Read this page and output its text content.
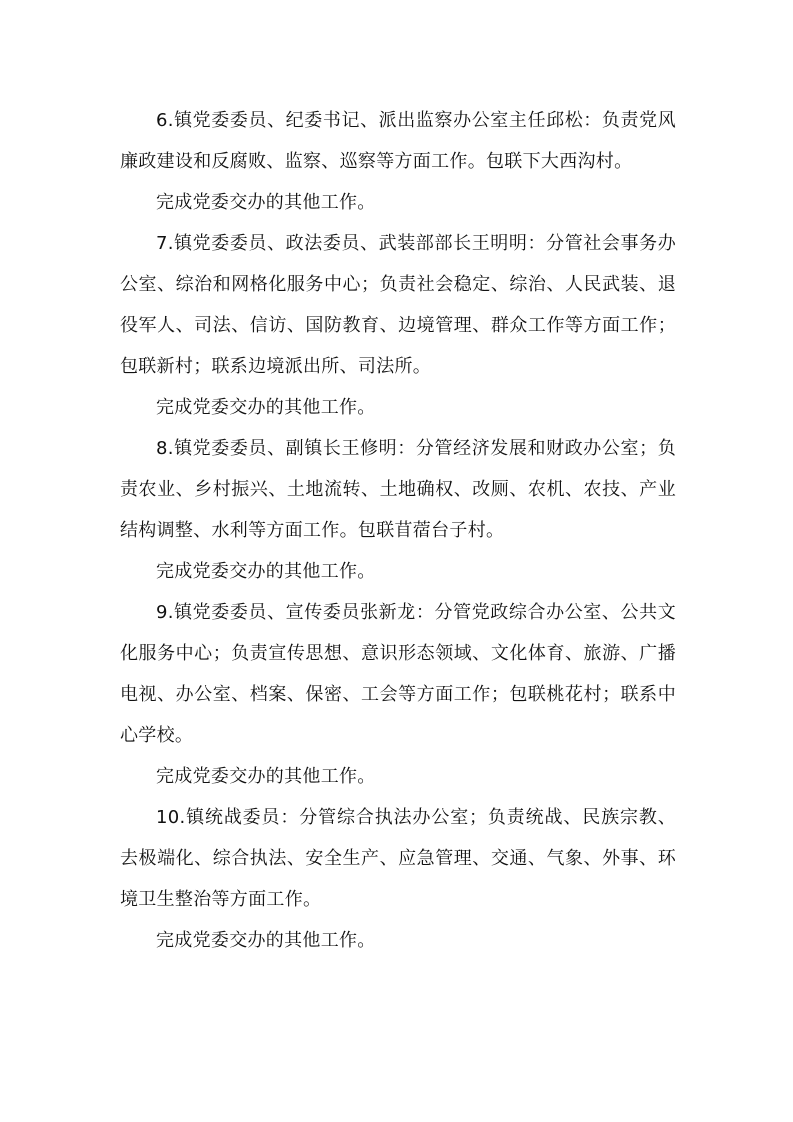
6.镇党委委员、纪委书记、派出监察办公室主任邱松：负责党风廉政建设和反腐败、监察、巡察等方面工作。包联下大西沟村。

完成党委交办的其他工作。

7.镇党委委员、政法委员、武装部部长王明明：分管社会事务办公室、综治和网格化服务中心；负责社会稳定、综治、人民武装、退役军人、司法、信访、国防教育、边境管理、群众工作等方面工作；包联新村；联系边境派出所、司法所。

完成党委交办的其他工作。

8.镇党委委员、副镇长王修明：分管经济发展和财政办公室；负责农业、乡村振兴、土地流转、土地确权、改厕、农机、农技、产业结构调整、水利等方面工作。包联苜蓿台子村。

完成党委交办的其他工作。

9.镇党委委员、宣传委员张新龙：分管党政综合办公室、公共文化服务中心；负责宣传思想、意识形态领域、文化体育、旅游、广播电视、办公室、档案、保密、工会等方面工作；包联桃花村；联系中心学校。

完成党委交办的其他工作。

10.镇统战委员：分管综合执法办公室；负责统战、民族宗教、去极端化、综合执法、安全生产、应急管理、交通、气象、外事、环境卫生整治等方面工作。

完成党委交办的其他工作。
